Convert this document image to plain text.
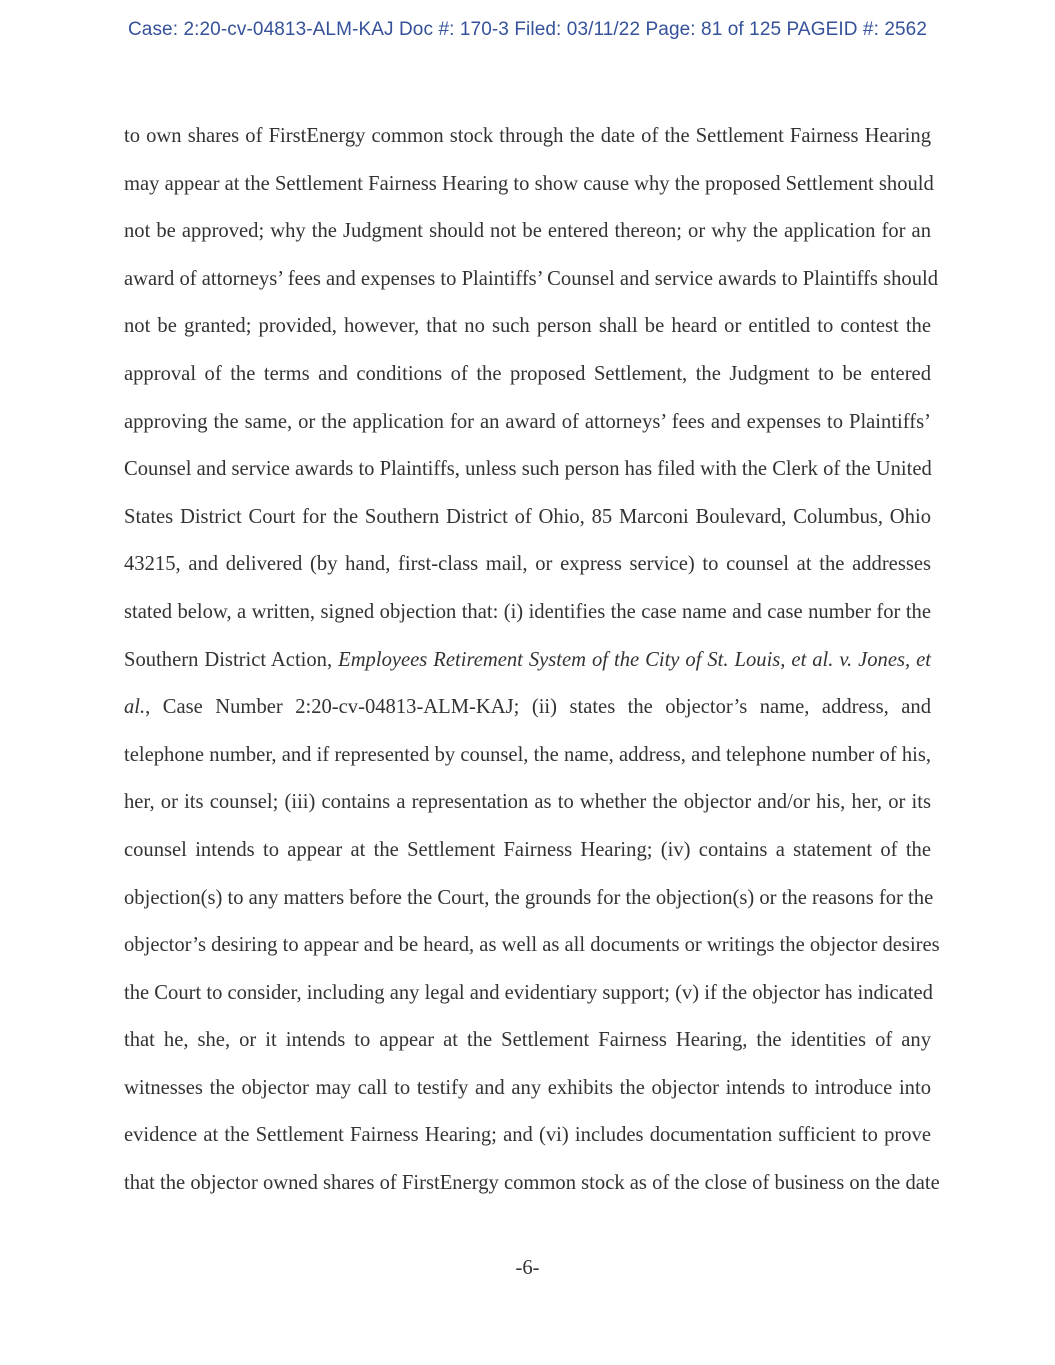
Case: 2:20-cv-04813-ALM-KAJ Doc #: 170-3 Filed: 03/11/22 Page: 81 of 125 PAGEID #: 2562
to own shares of FirstEnergy common stock through the date of the Settlement Fairness Hearing
may appear at the Settlement Fairness Hearing to show cause why the proposed Settlement should
not be approved; why the Judgment should not be entered thereon; or why the application for an
award of attorneys’ fees and expenses to Plaintiffs’ Counsel and service awards to Plaintiffs should
not be granted; provided, however, that no such person shall be heard or entitled to contest the
approval of the terms and conditions of the proposed Settlement, the Judgment to be entered
approving the same, or the application for an award of attorneys’ fees and expenses to Plaintiffs’
Counsel and service awards to Plaintiffs, unless such person has filed with the Clerk of the United
States District Court for the Southern District of Ohio, 85 Marconi Boulevard, Columbus, Ohio
43215, and delivered (by hand, first-class mail, or express service) to counsel at the addresses
stated below, a written, signed objection that: (i) identifies the case name and case number for the
Southern District Action, Employees Retirement System of the City of St. Louis, et al. v. Jones, et
al., Case Number 2:20-cv-04813-ALM-KAJ; (ii) states the objector’s name, address, and
telephone number, and if represented by counsel, the name, address, and telephone number of his,
her, or its counsel; (iii) contains a representation as to whether the objector and/or his, her, or its
counsel intends to appear at the Settlement Fairness Hearing; (iv) contains a statement of the
objection(s) to any matters before the Court, the grounds for the objection(s) or the reasons for the
objector’s desiring to appear and be heard, as well as all documents or writings the objector desires
the Court to consider, including any legal and evidentiary support; (v) if the objector has indicated
that he, she, or it intends to appear at the Settlement Fairness Hearing, the identities of any
witnesses the objector may call to testify and any exhibits the objector intends to introduce into
evidence at the Settlement Fairness Hearing; and (vi) includes documentation sufficient to prove
that the objector owned shares of FirstEnergy common stock as of the close of business on the date
-6-
